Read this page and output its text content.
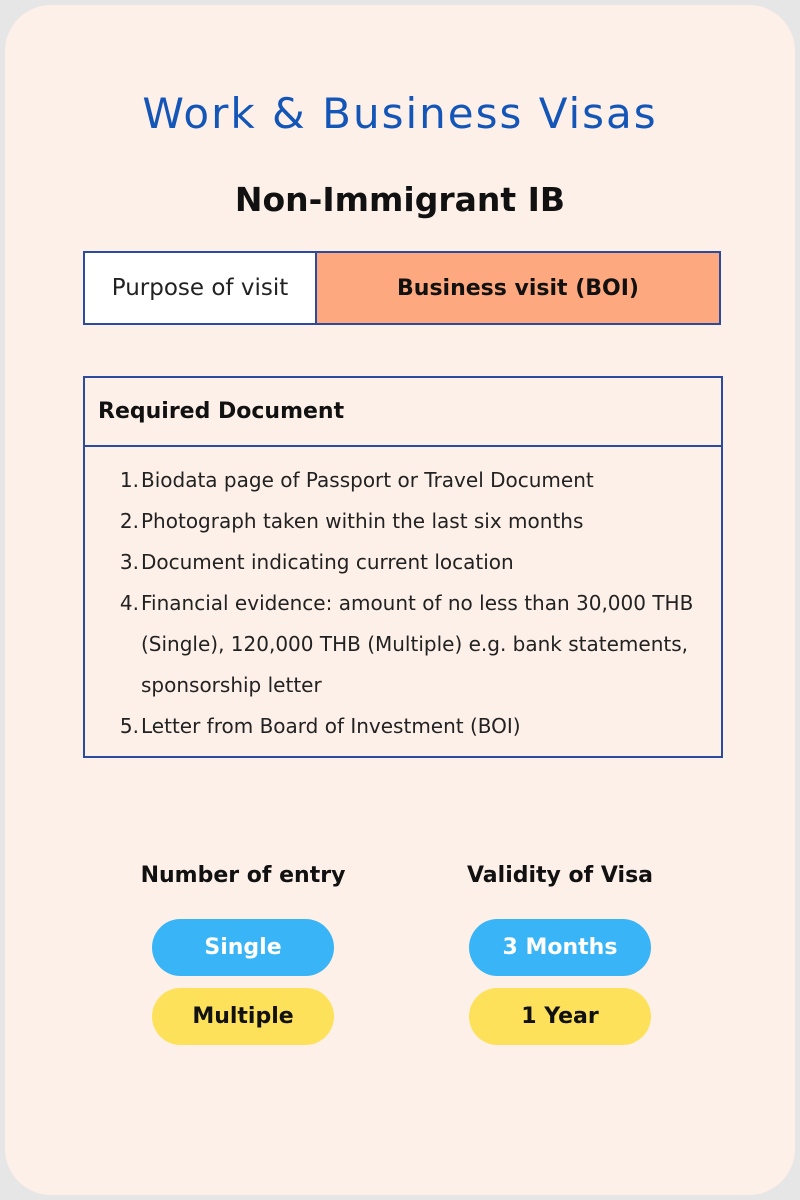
Work & Business Visas
Non-Immigrant IB
Purpose of visit	Business visit (BOI)
Required Document
1. Biodata page of Passport or Travel Document
2. Photograph taken within the last six months
3. Document indicating current location
4. Financial evidence: amount of no less than 30,000 THB (Single), 120,000 THB (Multiple) e.g. bank statements, sponsorship letter
5. Letter from Board of Investment (BOI)
Number of entry
Single
Multiple
Validity of Visa
3 Months
1 Year
